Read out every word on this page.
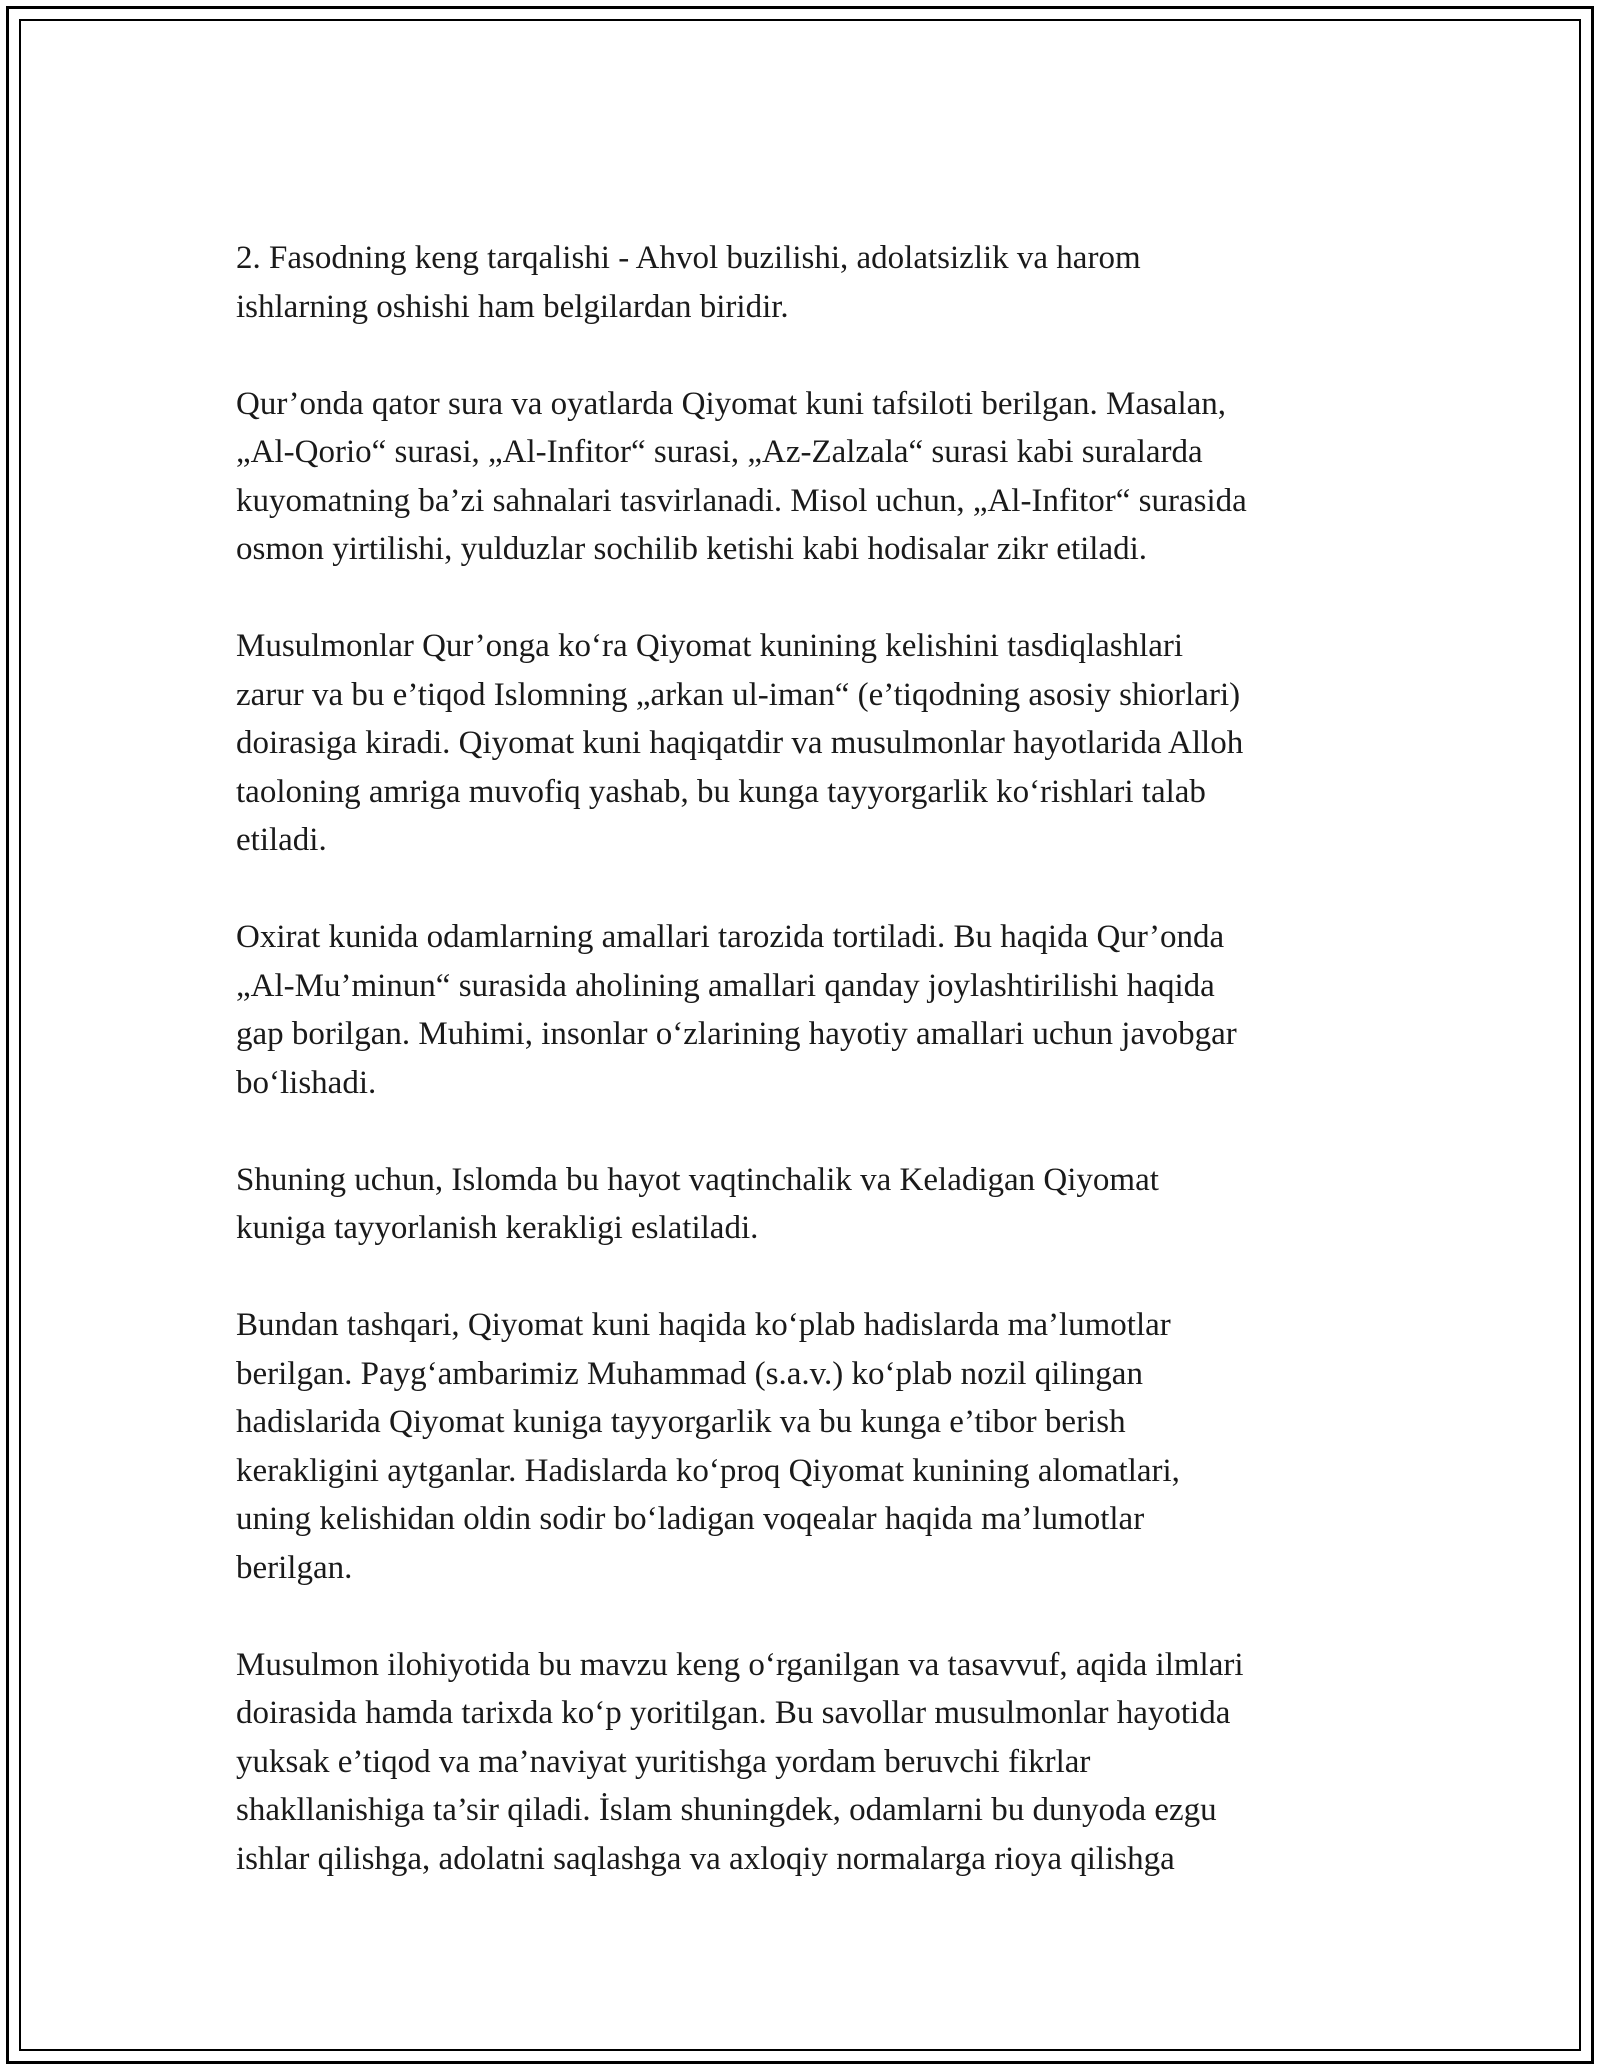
2. Fasodning keng tarqalishi - Ahvol buzilishi, adolatsizlik va harom
ishlarning oshishi ham belgilardan biridir.
Qur’onda qator sura va oyatlarda Qiyomat kuni tafsiloti berilgan. Masalan,
„Al-Qorio“ surasi, „Al-Infitor“ surasi, „Az-Zalzala“ surasi kabi suralarda
kuyomatning ba’zi sahnalari tasvirlanadi. Misol uchun, „Al-Infitor“ surasida
osmon yirtilishi, yulduzlar sochilib ketishi kabi hodisalar zikr etiladi.
Musulmonlar Qur’onga koʻra Qiyomat kunining kelishini tasdiqlashlari
zarur va bu e’tiqod Islomning „arkan ul-iman“ (e’tiqodning asosiy shiorlari)
doirasiga kiradi. Qiyomat kuni haqiqatdir va musulmonlar hayotlarida Alloh
taoloning amriga muvofiq yashab, bu kunga tayyorgarlik koʻrishlari talab
etiladi.
Oxirat kunida odamlarning amallari tarozida tortiladi. Bu haqida Qur’onda
„Al-Mu’minun“ surasida aholining amallari qanday joylashtirilishi haqida
gap borilgan. Muhimi, insonlar oʻzlarining hayotiy amallari uchun javobgar
boʻlishadi.
Shuning uchun, Islomda bu hayot vaqtinchalik va Keladigan Qiyomat
kuniga tayyorlanish kerakligi eslatiladi.
Bundan tashqari, Qiyomat kuni haqida koʻplab hadislarda ma’lumotlar
berilgan. Paygʻambarimiz Muhammad (s.a.v.) koʻplab nozil qilingan
hadislarida Qiyomat kuniga tayyorgarlik va bu kunga e’tibor berish
kerakligini aytganlar. Hadislarda koʻproq Qiyomat kunining alomatlari,
uning kelishidan oldin sodir boʻladigan voqealar haqida ma’lumotlar
berilgan.
Musulmon ilohiyotida bu mavzu keng oʻrganilgan va tasavvuf, aqida ilmlari
doirasida hamda tarixda koʻp yoritilgan. Bu savollar musulmonlar hayotida
yuksak e’tiqod va ma’naviyat yuritishga yordam beruvchi fikrlar
shakllanishiga ta’sir qiladi. İslam shuningdek, odamlarni bu dunyoda ezgu
ishlar qilishga, adolatni saqlashga va axloqiy normalarga rioya qilishga
